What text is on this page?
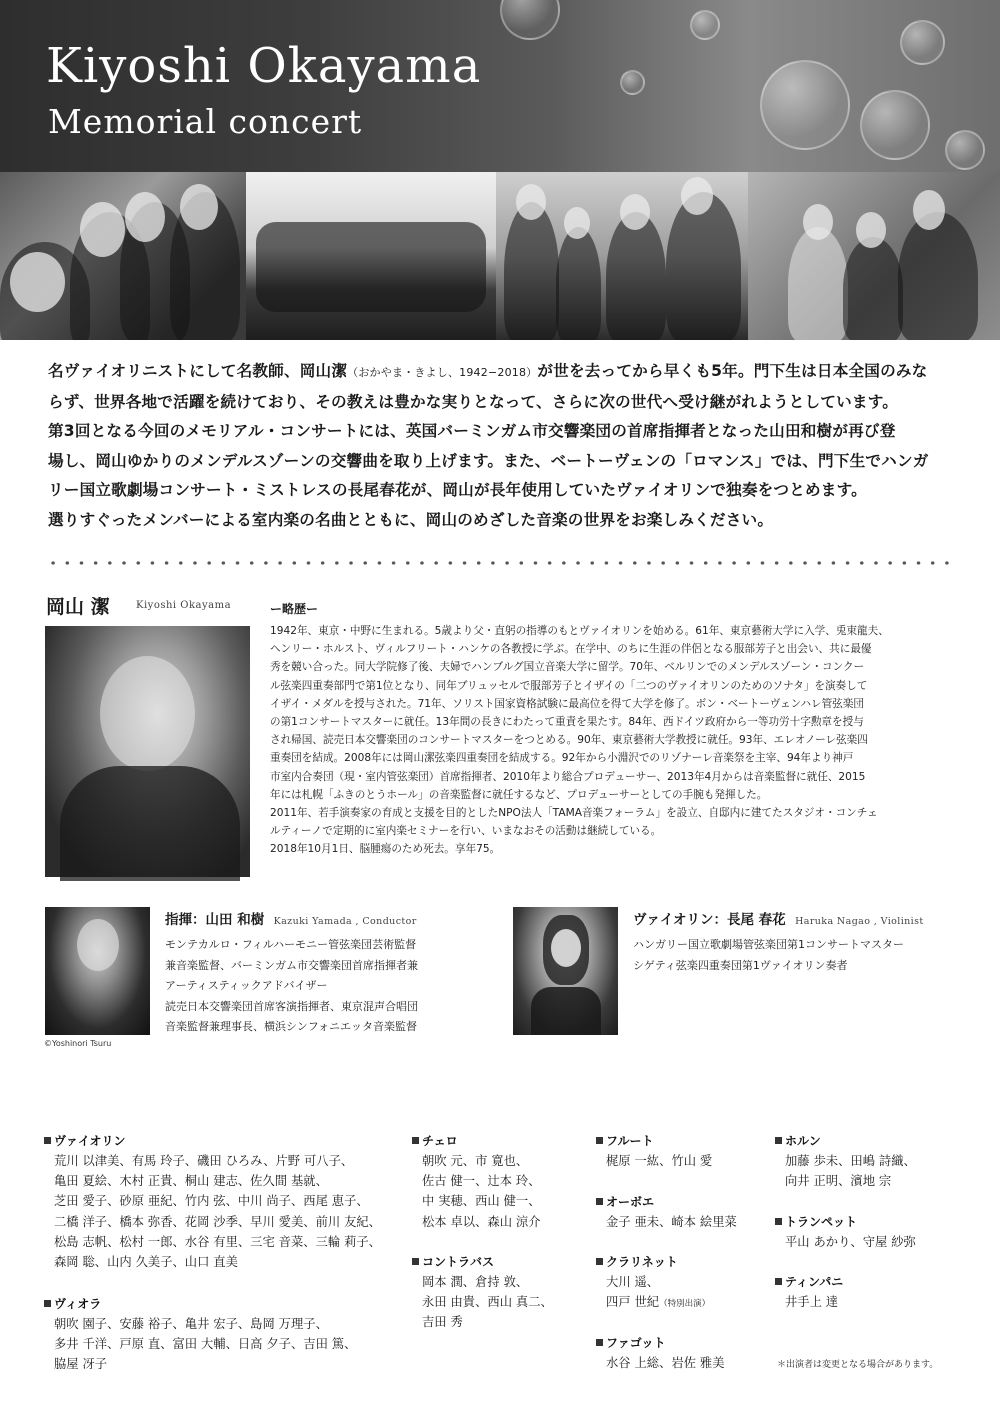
Kiyoshi Okayama
Memorial concert

名ヴァイオリニストにして名教師、岡山潔（おかやま・きよし、1942−2018）が世を去ってから早くも5年。門下生は日本全国のみな

らず、世界各地で活躍を続けており、その教えは豊かな実りとなって、さらに次の世代へ受け継がれようとしています。

第3回となる今回のメモリアル・コンサートには、英国バーミンガム市交響楽団の首席指揮者となった山田和樹が再び登

場し、岡山ゆかりのメンデルスゾーンの交響曲を取り上げます。また、ベートーヴェンの「ロマンス」では、門下生でハンガ

リー国立歌劇場コンサート・ミストレスの長尾春花が、岡山が長年使用していたヴァイオリンで独奏をつとめます。

選りすぐったメンバーによる室内楽の名曲とともに、岡山のめざした音楽の世界をお楽しみください。

岡山 潔	Kiyoshi Okayama	ー略歴ー

1942年、東京・中野に生まれる。5歳より父・直躬の指導のもとヴァイオリンを始める。61年、東京藝術大学に入学、兎束龍夫、

ヘンリー・ホルスト、ヴィルフリート・ハンケの各教授に学ぶ。在学中、のちに生涯の伴侶となる服部芳子と出会い、共に最優

秀を競い合った。同大学院修了後、夫婦でハンブルグ国立音楽大学に留学。70年、ベルリンでのメンデルスゾーン・コンクー

ル弦楽四重奏部門で第1位となり、同年ブリュッセルで服部芳子とイザイの「二つのヴァイオリンのためのソナタ」を演奏して

イザイ・メダルを授与された。71年、ソリスト国家資格試験に最高位を得て大学を修了。ボン・ベートーヴェンハレ管弦楽団

の第1コンサートマスターに就任。13年間の長きにわたって重責を果たす。84年、西ドイツ政府から一等功労十字勲章を授与

され帰国、読売日本交響楽団のコンサートマスターをつとめる。90年、東京藝術大学教授に就任。93年、エレオノーレ弦楽四

重奏団を結成。2008年には岡山潔弦楽四重奏団を結成する。92年から小淵沢でのリゾナーレ音楽祭を主宰、94年より神戸

市室内合奏団（現・室内管弦楽団）首席指揮者、2010年より総合プロデューサー、2013年4月からは音楽監督に就任、2015

年には札幌「ふきのとうホール」の音楽監督に就任するなど、プロデューサーとしての手腕も発揮した。

2011年、若手演奏家の育成と支援を目的としたNPO法人「TAMA音楽フォーラム」を設立、自邸内に建てたスタジオ・コンチェ

ルティーノで定期的に室内楽セミナーを行い、いまなおその活動は継続している。

2018年10月1日、脳腫瘍のため死去。享年75。

©Yoshinori Tsuru
指揮：山田 和樹 Kazuki Yamada , Conductor
モンテカルロ・フィルハーモニー管弦楽団芸術監督
兼音楽監督、バーミンガム市交響楽団首席指揮者兼
アーティスティックアドバイザー
読売日本交響楽団首席客演指揮者、東京混声合唱団
音楽監督兼理事長、横浜シンフォニエッタ音楽監督
ヴァイオリン：長尾 春花 Haruka Nagao , Violinist
ハンガリー国立歌劇場管弦楽団第1コンサートマスター
シゲティ弦楽四重奏団第1ヴァイオリン奏者
ヴァイオリン
荒川 以津美、有馬 玲子、磯田 ひろみ、片野 可八子、
亀田 夏絵、木村 正貴、桐山 建志、佐久間 基就、
芝田 愛子、砂原 亜紀、竹内 弦、中川 尚子、西尾 恵子、
二橋 洋子、橋本 弥香、花岡 沙季、早川 愛美、前川 友紀、
松島 志帆、松村 一郎、水谷 有里、三宅 音菜、三輪 莉子、
森岡 聡、山内 久美子、山口 直美
ヴィオラ
朝吹 園子、安藤 裕子、亀井 宏子、島岡 万理子、
多井 千洋、戸原 直、富田 大輔、日高 夕子、吉田 篤、
脇屋 冴子
チェロ
朝吹 元、市 寛也、
佐古 健一、辻本 玲、
中 実穂、西山 健一、
松本 卓以、森山 涼介
コントラバス
岡本 潤、倉持 敦、
永田 由貴、西山 真二、
吉田 秀
フルート
梶原 一紘、竹山 愛
オーボエ
金子 亜未、崎本 絵里菜
クラリネット
大川 遥、
四戸 世紀（特別出演）
ファゴット
水谷 上総、岩佐 雅美
ホルン
加藤 歩未、田嶋 詩織、
向井 正明、濱地 宗
トランペット
平山 あかり、守屋 紗弥
ティンパニ
井手上 達
＊出演者は変更となる場合があります。
